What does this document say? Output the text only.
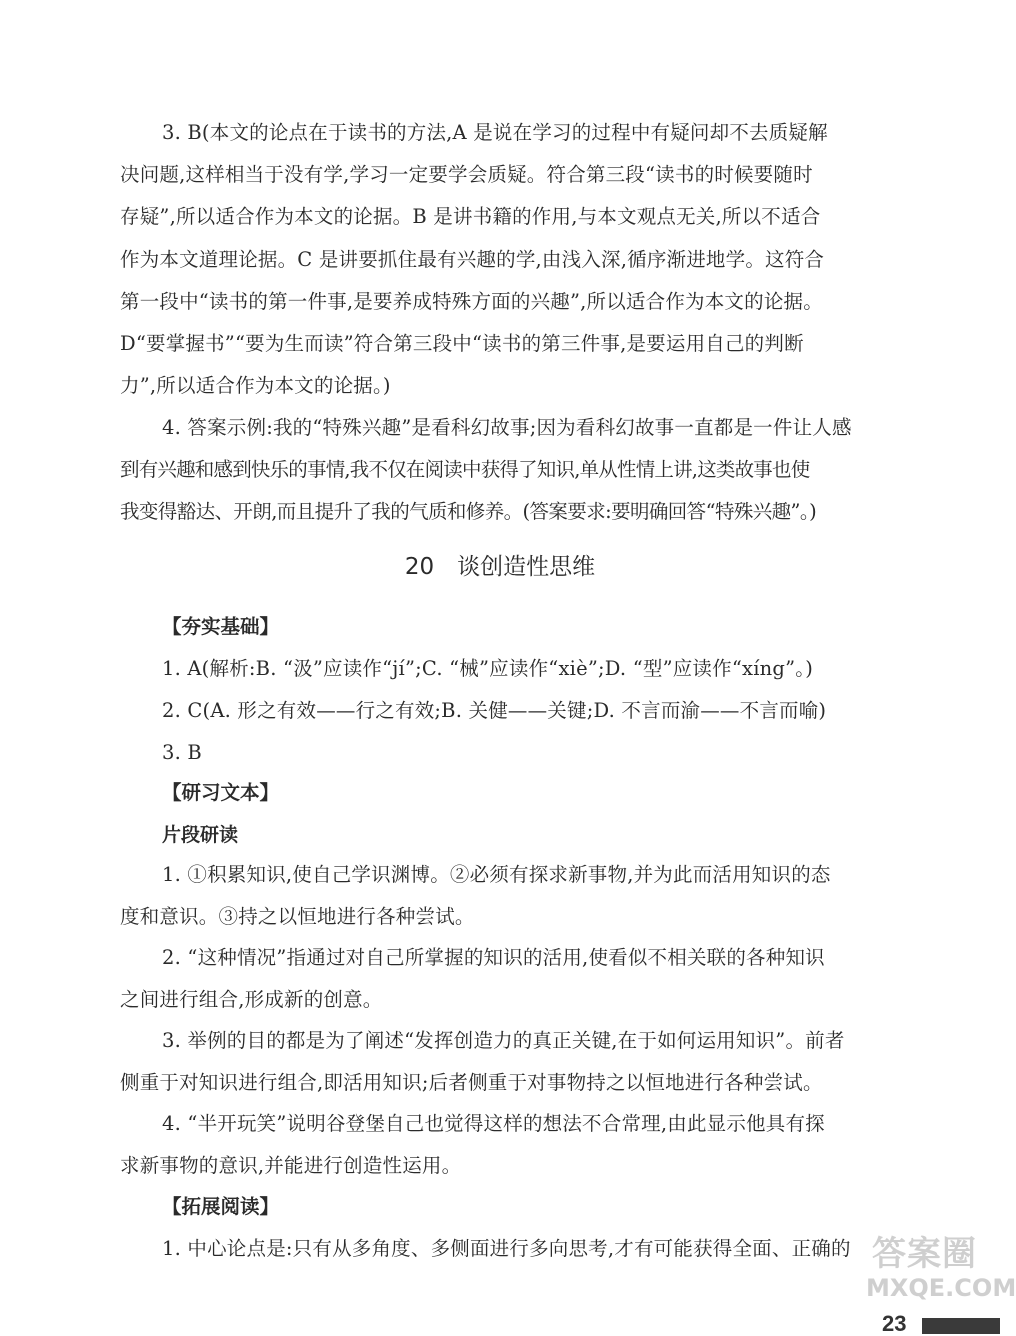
3. B(本文的论点在于读书的方法,A 是说在学习的过程中有疑问却不去质疑解
决问题,这样相当于没有学,学习一定要学会质疑。符合第三段“读书的时候要随时
存疑”,所以适合作为本文的论据。B 是讲书籍的作用,与本文观点无关,所以不适合
作为本文道理论据。C 是讲要抓住最有兴趣的学,由浅入深,循序渐进地学。这符合
第一段中“读书的第一件事,是要养成特殊方面的兴趣”,所以适合作为本文的论据。
D“要掌握书”“要为生而读”符合第三段中“读书的第三件事,是要运用自己的判断
力”,所以适合作为本文的论据。)
4. 答案示例:我的“特殊兴趣”是看科幻故事;因为看科幻故事一直都是一件让人感
到有兴趣和感到快乐的事情,我不仅在阅读中获得了知识,单从性情上讲,这类故事也使
我变得豁达、开朗,而且提升了我的气质和修养。(答案要求:要明确回答“特殊兴趣”。)
20　谈创造性思维
【夯实基础】
1. A(解析:B. “汲”应读作“jí”;C. “械”应读作“xiè”;D. “型”应读作“xíng”。)
2. C(A. 形之有效——行之有效;B. 关健——关键;D. 不言而渝——不言而喻)
3. B
【研习文本】
片段研读
1. ①积累知识,使自己学识渊博。②必须有探求新事物,并为此而活用知识的态
度和意识。③持之以恒地进行各种尝试。
2. “这种情况”指通过对自己所掌握的知识的活用,使看似不相关联的各种知识
之间进行组合,形成新的创意。
3. 举例的目的都是为了阐述“发挥创造力的真正关键,在于如何运用知识”。前者
侧重于对知识进行组合,即活用知识;后者侧重于对事物持之以恒地进行各种尝试。
4. “半开玩笑”说明谷登堡自己也觉得这样的想法不合常理,由此显示他具有探
求新事物的意识,并能进行创造性运用。
【拓展阅读】
1. 中心论点是:只有从多角度、多侧面进行多向思考,才有可能获得全面、正确的 答案圈
MXQE.COM
23
